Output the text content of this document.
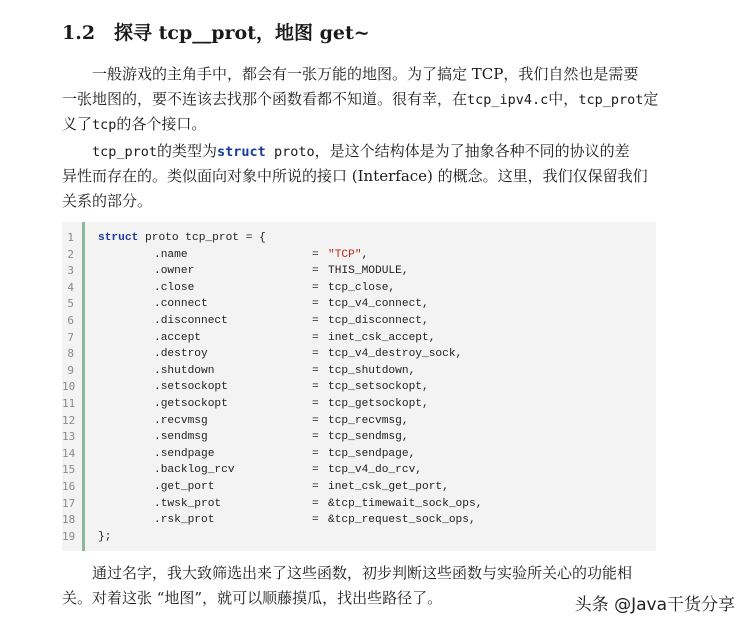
1.2 探寻 tcp__prot，地图 get~
一般游戏的主角手中，都会有一张万能的地图。为了搞定 TCP，我们自然也是需要
一张地图的，要不连该去找那个函数看都不知道。很有幸，在tcp_ipv4.c中，tcp_prot定
义了tcp的各个接口。
tcp_prot的类型为struct proto，是这个结构体是为了抽象各种不同的协议的差
异性而存在的。类似面向对象中所说的接口 (Interface) 的概念。这里，我们仅保留我们
关系的部分。
1
2
3
4
5
6
7
8
9
10
11
12
13
14
15
16
17
18
19
struct proto tcp_prot = {
.name	= "TCP",
.owner	= THIS_MODULE,
.close	= tcp_close,
.connect	= tcp_v4_connect,
.disconnect	= tcp_disconnect,
.accept	= inet_csk_accept,
.destroy	= tcp_v4_destroy_sock,
.shutdown	= tcp_shutdown,
.setsockopt	= tcp_setsockopt,
.getsockopt	= tcp_getsockopt,
.recvmsg	= tcp_recvmsg,
.sendmsg	= tcp_sendmsg,
.sendpage	= tcp_sendpage,
.backlog_rcv	= tcp_v4_do_rcv,
.get_port	= inet_csk_get_port,
.twsk_prot	= &tcp_timewait_sock_ops,
.rsk_prot	= &tcp_request_sock_ops,
};
通过名字，我大致筛选出来了这些函数，初步判断这些函数与实验所关心的功能相
关。对着这张 “地图”，就可以顺藤摸瓜，找出些路径了。	头条 @Java干货分享
